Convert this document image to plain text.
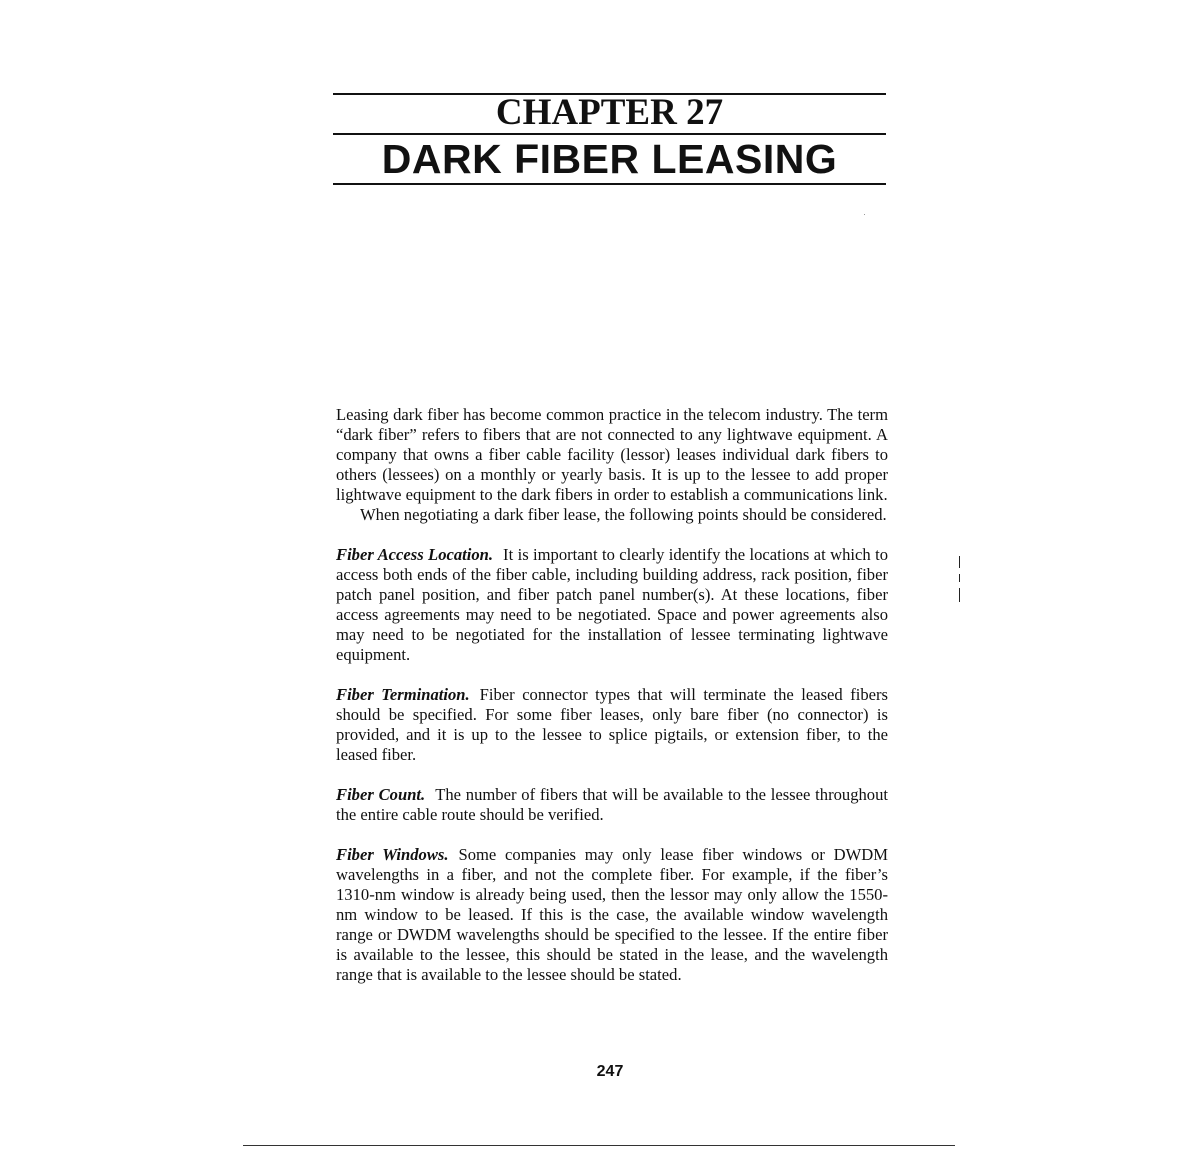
CHAPTER 27
DARK FIBER LEASING

Leasing dark fiber has become common practice in the telecom industry. The term “dark fiber” refers to fibers that are not connected to any lightwave equipment. A company that owns a fiber cable facility (lessor) leases individual dark fibers to others (lessees) on a monthly or yearly basis. It is up to the lessee to add proper lightwave equipment to the dark fibers in order to establish a communications link.

When negotiating a dark fiber lease, the following points should be considered.

Fiber Access Location. It is important to clearly identify the locations at which to access both ends of the fiber cable, including building address, rack position, fiber patch panel position, and fiber patch panel number(s). At these locations, fiber access agreements may need to be negotiated. Space and power agreements also may need to be negotiated for the installation of lessee terminating lightwave equipment.

Fiber Termination. Fiber connector types that will terminate the leased fibers should be specified. For some fiber leases, only bare fiber (no connector) is provided, and it is up to the lessee to splice pigtails, or extension fiber, to the leased fiber.

Fiber Count. The number of fibers that will be available to the lessee throughout the entire cable route should be verified.

Fiber Windows. Some companies may only lease fiber windows or DWDM wavelengths in a fiber, and not the complete fiber. For example, if the fiber’s 1310-nm window is already being used, then the lessor may only allow the 1550-nm window to be leased. If this is the case, the available window wavelength range or DWDM wavelengths should be specified to the lessee. If the entire fiber is available to the lessee, this should be stated in the lease, and the wavelength range that is available to the lessee should be stated.

247
